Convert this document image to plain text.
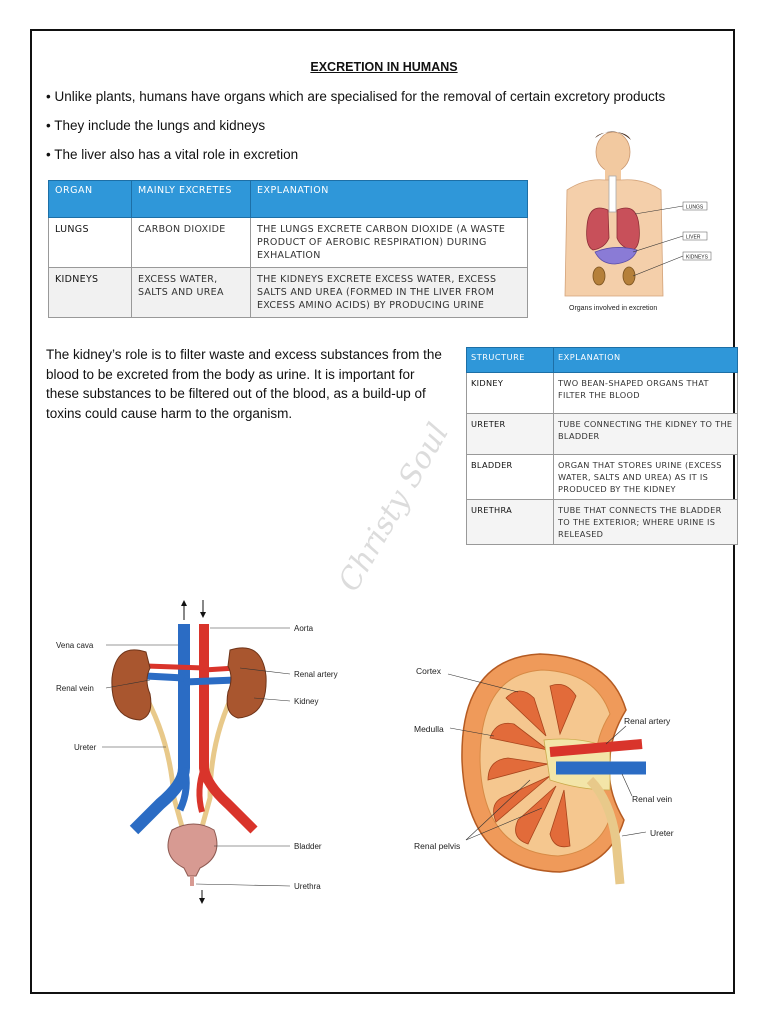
EXCRETION IN HUMANS
• Unlike plants, humans have organs which are specialised for the removal of certain excretory products
• They include the lungs and kidneys
• The liver also has a vital role in excretion
ORGAN	MAINLY EXCRETES	EXPLANATION
LUNGS	CARBON DIOXIDE	THE LUNGS EXCRETE CARBON DIOXIDE (A WASTE PRODUCT OF AEROBIC RESPIRATION) DURING EXHALATION
KIDNEYS	EXCESS WATER, SALTS AND UREA	THE KIDNEYS EXCRETE EXCESS WATER, EXCESS SALTS AND UREA (FORMED IN THE LIVER FROM EXCESS AMINO ACIDS) BY PRODUCING URINE
LUNGS
LIVER
KIDNEYS
Organs involved in excretion
The kidney’s role is to filter waste and excess substances from the blood to be excreted from the body as urine. It is important for these substances to be filtered out of the blood, as a build-up of toxins could cause harm to the organism.
STRUCTURE	EXPLANATION
KIDNEY	TWO BEAN-SHAPED ORGANS THAT FILTER THE BLOOD
URETER	TUBE CONNECTING THE KIDNEY TO THE BLADDER
BLADDER	ORGAN THAT STORES URINE (EXCESS WATER, SALTS AND UREA) AS IT IS PRODUCED BY THE KIDNEY
URETHRA	TUBE THAT CONNECTS THE BLADDER TO THE EXTERIOR; WHERE URINE IS RELEASED
Christy Soul
Vena cava
Aorta
Renal artery
Renal vein
Kidney
Ureter
Bladder
Urethra
Cortex
Medulla
Renal artery
Renal vein
Ureter
Renal pelvis
